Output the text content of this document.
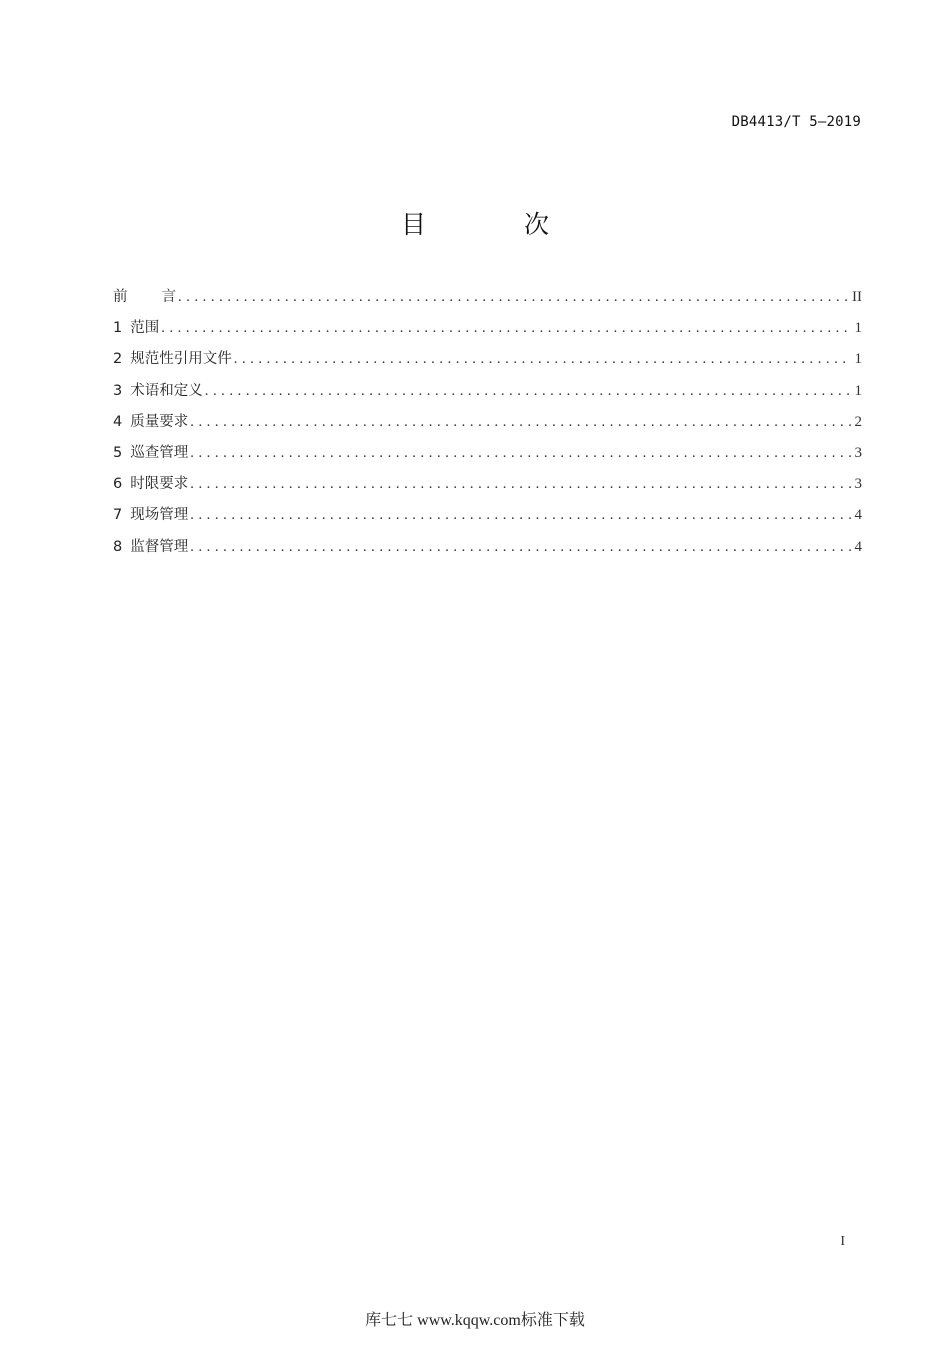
DB4413/T 5—2019
目 次
前言 .....	II
1 范围 .....	1
2 规范性引用文件 .....	1
3 术语和定义 .....	1
4 质量要求 .....	2
5 巡查管理 .....	3
6 时限要求 .....	3
7 现场管理 .....	4
8 监督管理 .....	4
I
库七七 www.kqqw.com标准下载
